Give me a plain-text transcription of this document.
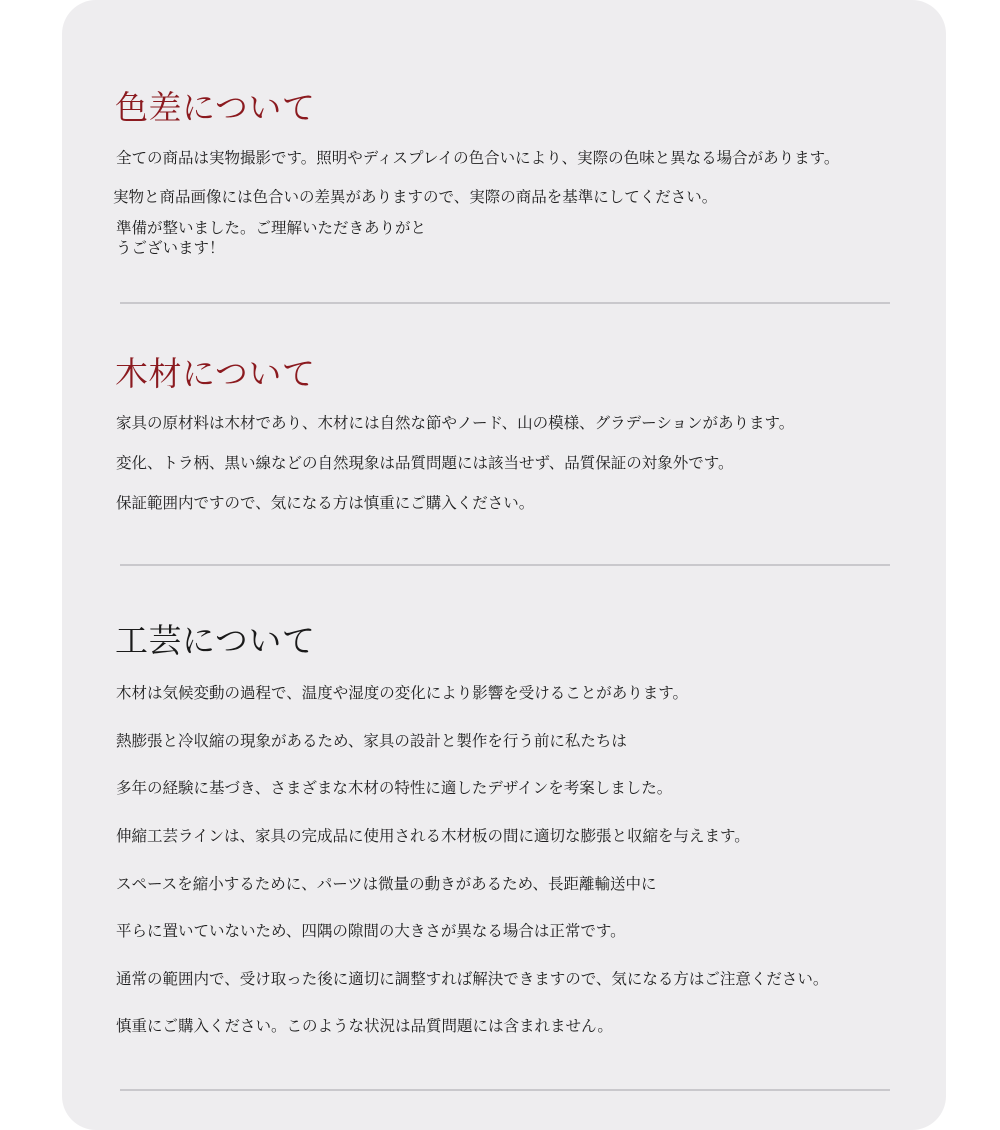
色差について

全ての商品は実物撮影です。照明やディスプレイの色合いにより、実際の色味と異なる場合があります。

実物と商品画像には色合いの差異がありますので、実際の商品を基準にしてください。

準備が整いました。ご理解いただきありがと

うございます！

木材について

家具の原材料は木材であり、木材には自然な節やノード、山の模様、グラデーションがあります。

変化、トラ柄、黒い線などの自然現象は品質問題には該当せず、品質保証の対象外です。

保証範囲内ですので、気になる方は慎重にご購入ください。

工芸について

木材は気候変動の過程で、温度や湿度の変化により影響を受けることがあります。

熱膨張と冷収縮の現象があるため、家具の設計と製作を行う前に私たちは

多年の経験に基づき、さまざまな木材の特性に適したデザインを考案しました。

伸縮工芸ラインは、家具の完成品に使用される木材板の間に適切な膨張と収縮を与えます。

スペースを縮小するために、パーツは微量の動きがあるため、長距離輸送中に

平らに置いていないため、四隅の隙間の大きさが異なる場合は正常です。

通常の範囲内で、受け取った後に適切に調整すれば解決できますので、気になる方はご注意ください。

慎重にご購入ください。このような状況は品質問題には含まれません。
